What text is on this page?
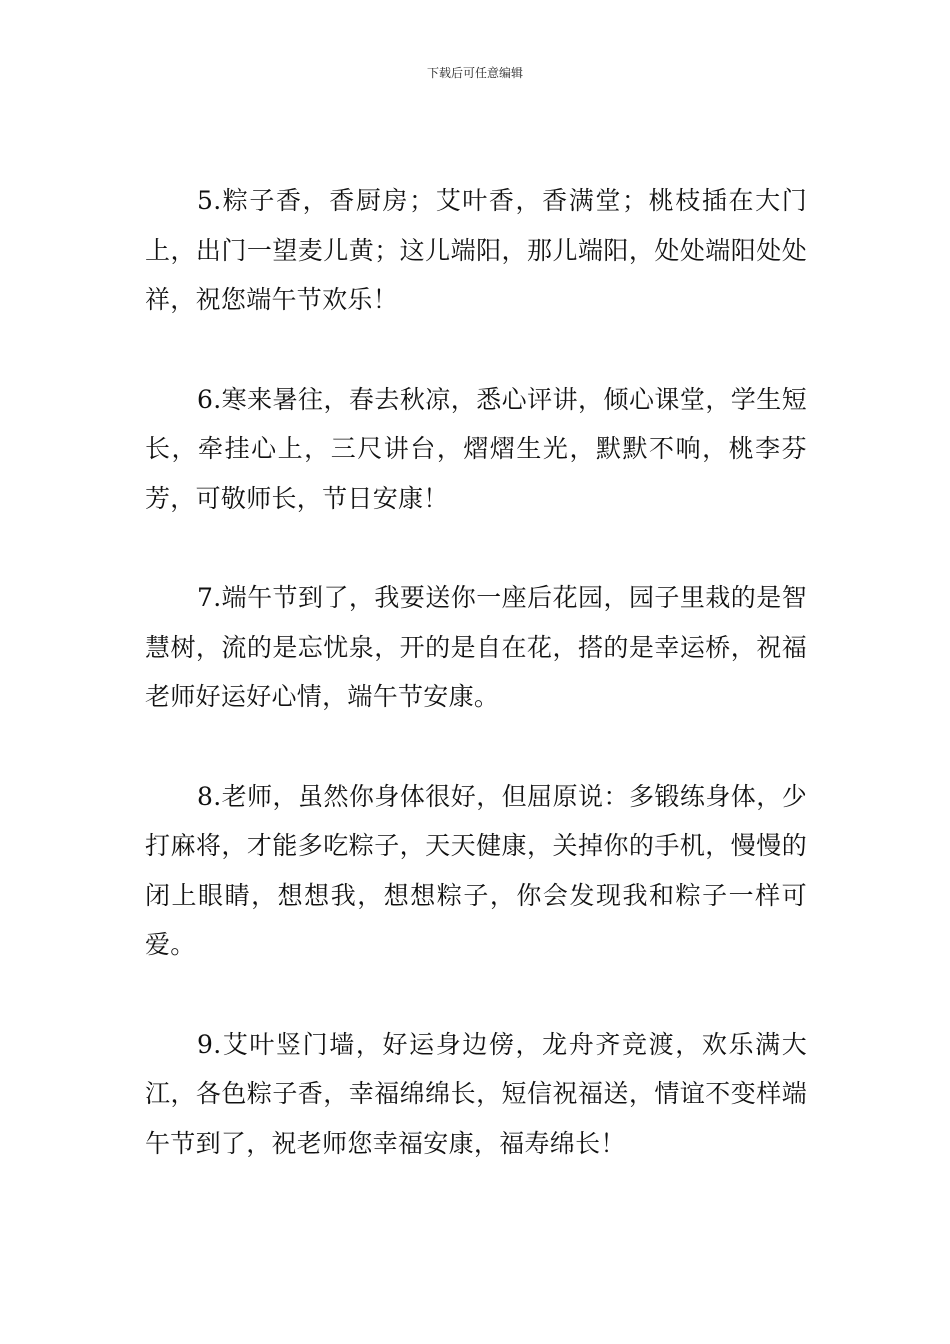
下载后可任意编辑

5.粽子香，香厨房；艾叶香，香满堂；桃枝插在大门上，出门一望麦儿黄；这儿端阳，那儿端阳，处处端阳处处祥，祝您端午节欢乐！

6.寒来暑往，春去秋凉，悉心评讲，倾心课堂，学生短长，牵挂心上，三尺讲台，熠熠生光，默默不响，桃李芬芳，可敬师长，节日安康！

7.端午节到了，我要送你一座后花园，园子里栽的是智慧树，流的是忘忧泉，开的是自在花，搭的是幸运桥，祝福老师好运好心情，端午节安康。

8.老师，虽然你身体很好，但屈原说：多锻练身体，少打麻将，才能多吃粽子，天天健康，关掉你的手机，慢慢的闭上眼睛，想想我，想想粽子，你会发现我和粽子一样可爱。

9.艾叶竖门墙，好运身边傍，龙舟齐竞渡，欢乐满大江，各色粽子香，幸福绵绵长，短信祝福送，情谊不变样端午节到了，祝老师您幸福安康，福寿绵长！
